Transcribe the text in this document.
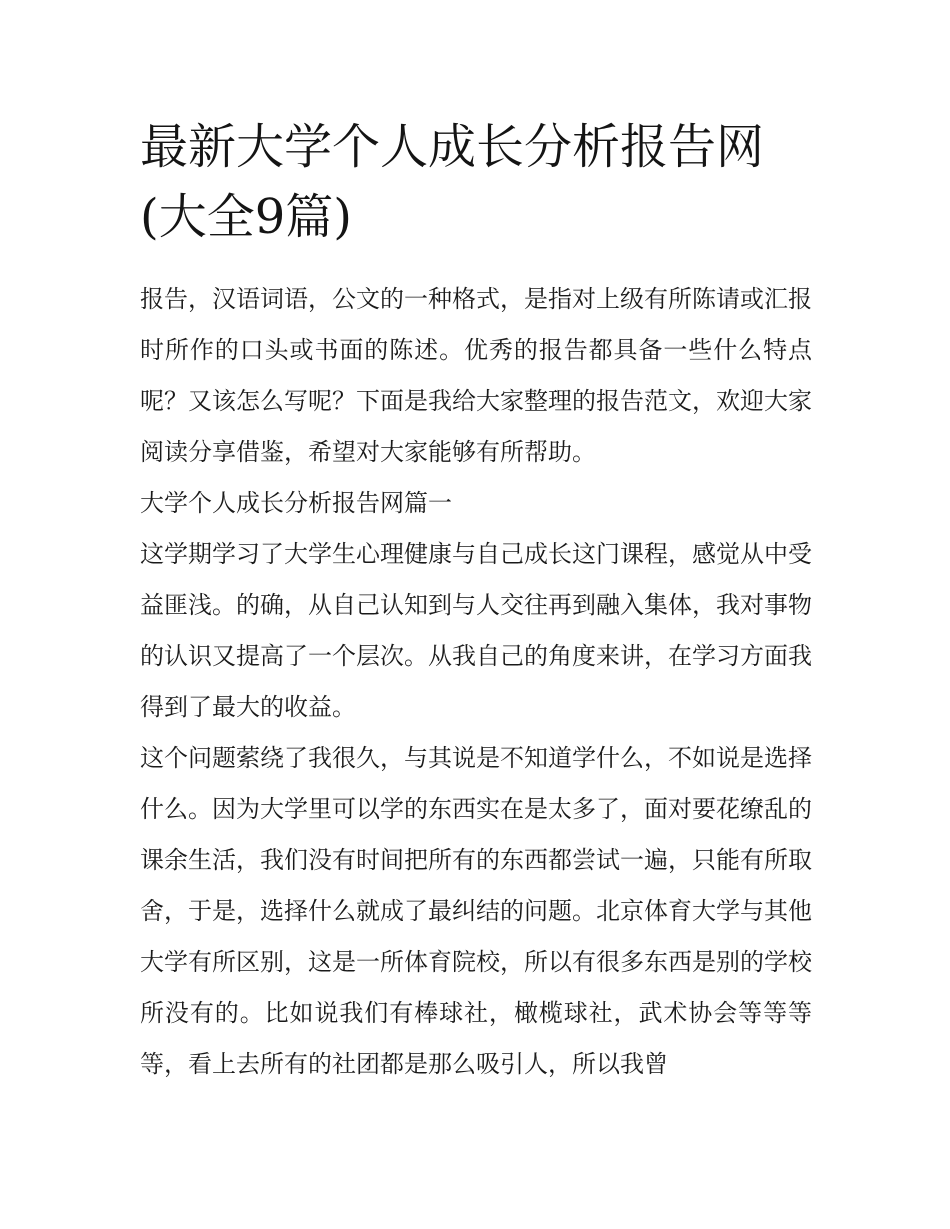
最新大学个人成长分析报告网(大全9篇)

报告，汉语词语，公文的一种格式，是指对上级有所陈请或汇报时所作的口头或书面的陈述。优秀的报告都具备一些什么特点呢？又该怎么写呢？下面是我给大家整理的报告范文，欢迎大家阅读分享借鉴，希望对大家能够有所帮助。

大学个人成长分析报告网篇一

这学期学习了大学生心理健康与自己成长这门课程，感觉从中受益匪浅。的确，从自己认知到与人交往再到融入集体，我对事物的认识又提高了一个层次。从我自己的角度来讲，在学习方面我得到了最大的收益。

这个问题萦绕了我很久，与其说是不知道学什么，不如说是选择什么。因为大学里可以学的东西实在是太多了，面对要花缭乱的课余生活，我们没有时间把所有的东西都尝试一遍，只能有所取舍，于是，选择什么就成了最纠结的问题。北京体育大学与其他大学有所区别，这是一所体育院校，所以有很多东西是别的学校所没有的。比如说我们有棒球社，橄榄球社，武术协会等等等等，看上去所有的社团都是那么吸引人，所以我曾
